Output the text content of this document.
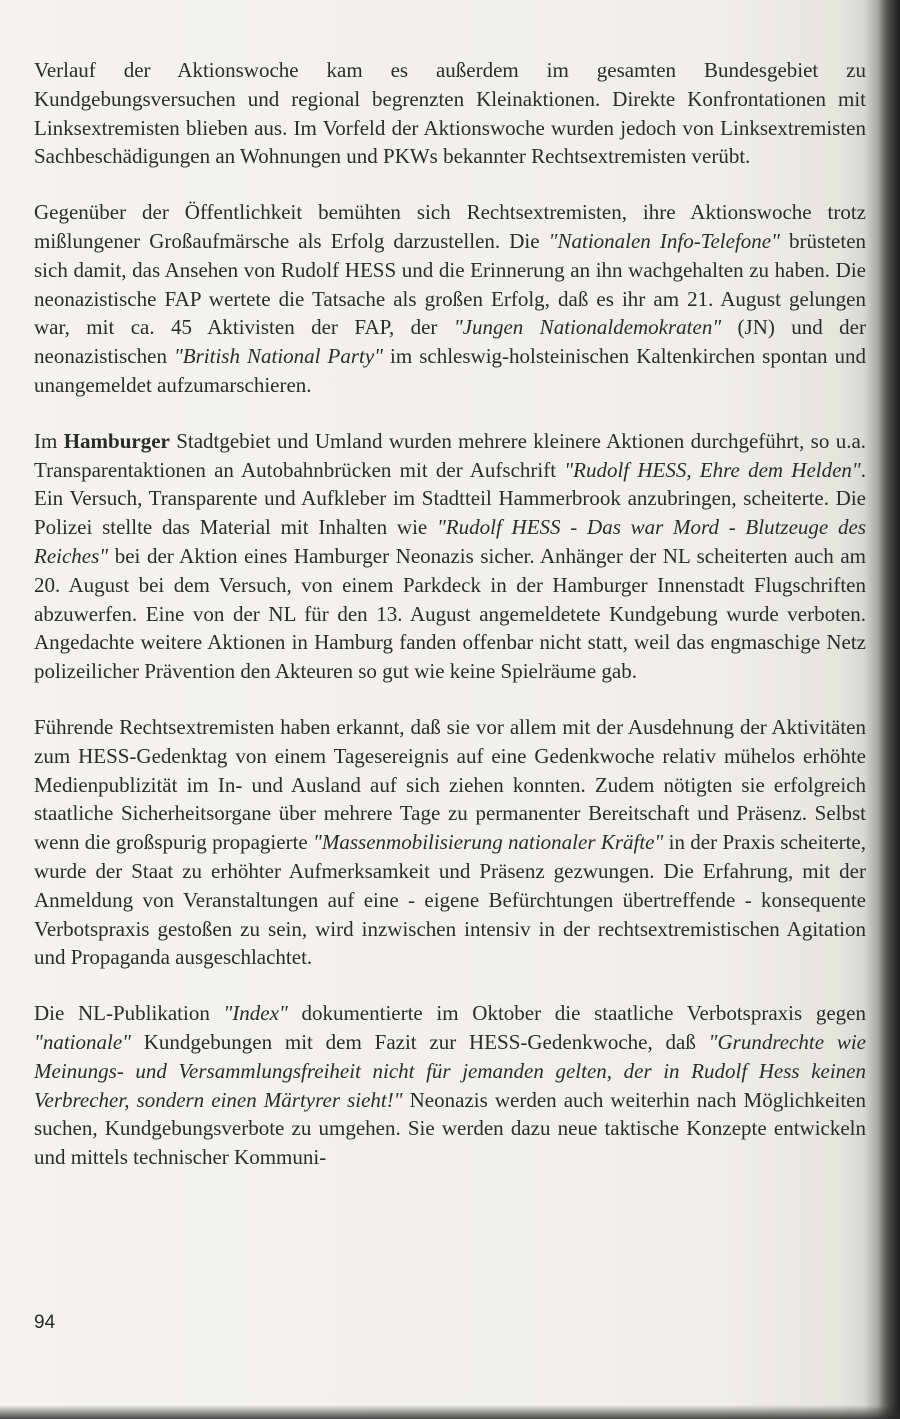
Verlauf der Aktionswoche kam es außerdem im gesamten Bundesgebiet zu Kundgebungsversuchen und regional begrenzten Kleinaktionen. Direkte Konfrontationen mit Linksextremisten blieben aus. Im Vorfeld der Aktionswoche wurden jedoch von Linksextremisten Sachbeschädigungen an Wohnungen und PKWs bekannter Rechtsextremisten verübt.

Gegenüber der Öffentlichkeit bemühten sich Rechtsextremisten, ihre Aktionswoche trotz mißlungener Großaufmärsche als Erfolg darzustellen. Die "Nationalen Info-Telefone" brüsteten sich damit, das Ansehen von Rudolf HESS und die Erinnerung an ihn wachgehalten zu haben. Die neonazistische FAP wertete die Tatsache als großen Erfolg, daß es ihr am 21. August gelungen war, mit ca. 45 Aktivisten der FAP, der "Jungen Nationaldemokraten" (JN) und der neonazistischen "British National Party" im schleswig-holsteinischen Kaltenkirchen spontan und unangemeldet aufzumarschieren.

Im Hamburger Stadtgebiet und Umland wurden mehrere kleinere Aktionen durchgeführt, so u.a. Transparentaktionen an Autobahnbrücken mit der Aufschrift "Rudolf HESS, Ehre dem Helden". Ein Versuch, Transparente und Aufkleber im Stadtteil Hammerbrook anzubringen, scheiterte. Die Polizei stellte das Material mit Inhalten wie "Rudolf HESS - Das war Mord - Blutzeuge des Reiches" bei der Aktion eines Hamburger Neonazis sicher. Anhänger der NL scheiterten auch am 20. August bei dem Versuch, von einem Parkdeck in der Hamburger Innenstadt Flugschriften abzuwerfen. Eine von der NL für den 13. August angemeldetete Kundgebung wurde verboten. Angedachte weitere Aktionen in Hamburg fanden offenbar nicht statt, weil das engmaschige Netz polizeilicher Prävention den Akteuren so gut wie keine Spielräume gab.

Führende Rechtsextremisten haben erkannt, daß sie vor allem mit der Ausdehnung der Aktivitäten zum HESS-Gedenktag von einem Tagesereignis auf eine Gedenkwoche relativ mühelos erhöhte Medienpublizität im In- und Ausland auf sich ziehen konnten. Zudem nötigten sie erfolgreich staatliche Sicherheitsorgane über mehrere Tage zu permanenter Bereitschaft und Präsenz. Selbst wenn die großspurig propagierte "Massenmobilisierung nationaler Kräfte" in der Praxis scheiterte, wurde der Staat zu erhöhter Aufmerksamkeit und Präsenz gezwungen. Die Erfahrung, mit der Anmeldung von Veranstaltungen auf eine - eigene Befürchtungen übertreffende - konsequente Verbotspraxis gestoßen zu sein, wird inzwischen intensiv in der rechtsextremistischen Agitation und Propaganda ausgeschlachtet.

Die NL-Publikation "Index" dokumentierte im Oktober die staatliche Verbotspraxis gegen "nationale" Kundgebungen mit dem Fazit zur HESS-Gedenkwoche, daß "Grundrechte wie Meinungs- und Versammlungsfreiheit nicht für jemanden gelten, der in Rudolf Hess keinen Verbrecher, sondern einen Märtyrer sieht!" Neonazis werden auch weiterhin nach Möglichkeiten suchen, Kundgebungsverbote zu umgehen. Sie werden dazu neue taktische Konzepte entwickeln und mittels technischer Kommuni-

94
